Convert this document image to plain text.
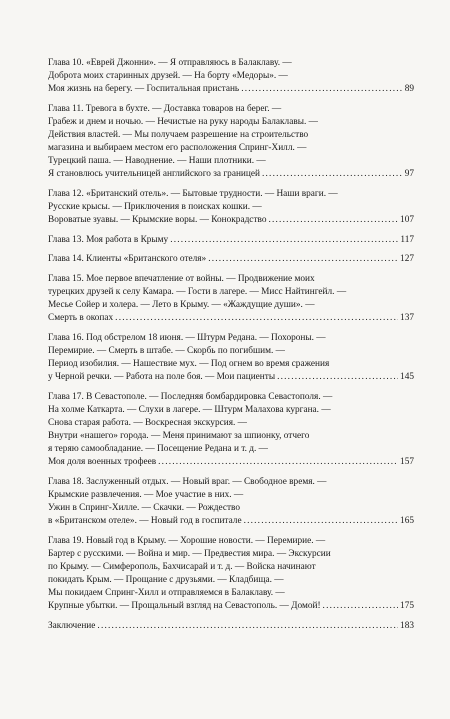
Глава 10. «Еврей Джонни». — Я отправляюсь в Балаклаву. —
Доброта моих старинных друзей. — На борту «Медоры». —
Моя жизнь на берегу. — Госпитальная пристань .....	89
Глава 11. Тревога в бухте. — Доставка товаров на берег. —
Грабеж и днем и ночью. — Нечистые на руку народы Балаклавы. —
Действия властей. — Мы получаем разрешение на строительство
магазина и выбираем местом его расположения Спринг-Хилл. —
Турецкий паша. — Наводнение. — Наши плотники. —
Я становлюсь учительницей английского за границей .....	97
Глава 12. «Британский отель». — Бытовые трудности. — Наши враги. —
Русские крысы. — Приключения в поисках кошки. —
Вороватые зуавы. — Крымские воры. — Конокрадство .....	107
Глава 13. Моя работа в Крыму .....	117
Глава 14. Клиенты «Британского отеля» .....	127
Глава 15. Мое первое впечатление от войны. — Продвижение моих
турецких друзей к селу Камара. — Гости в лагере. — Мисс Найтингейл. —
Месье Сойер и холера. — Лето в Крыму. — «Жаждущие души». —
Смерть в окопах .....	137
Глава 16. Под обстрелом 18 июня. — Штурм Редана. — Похороны. —
Перемирие. — Смерть в штабе. — Скорбь по погибшим. —
Период изобилия. — Нашествие мух. — Под огнем во время сражения
у Черной речки. — Работа на поле боя. — Мои пациенты .....	145
Глава 17. В Севастополе. — Последняя бомбардировка Севастополя. —
На холме Каткарта. — Слухи в лагере. — Штурм Малахова кургана. —
Снова старая работа. — Воскресная экскурсия. —
Внутри «нашего» города. — Меня принимают за шпионку, отчего
я теряю самообладание. — Посещение Редана и т. д. —
Моя доля военных трофеев .....	157
Глава 18. Заслуженный отдых. — Новый враг. — Свободное время. —
Крымские развлечения. — Мое участие в них. —
Ужин в Спринг-Хилле. — Скачки. — Рождество
в «Британском отеле». — Новый год в госпитале .....	165
Глава 19. Новый год в Крыму. — Хорошие новости. — Перемирие. —
Бартер с русскими. — Война и мир. — Предвестия мира. — Экскурсии
по Крыму. — Симферополь, Бахчисарай и т. д. — Войска начинают
покидать Крым. — Прощание с друзьями. — Кладбища. —
Мы покидаем Спринг-Хилл и отправляемся в Балаклаву. —
Крупные убытки. — Прощальный взгляд на Севастополь. — Домой! .....	175
Заключение .....	183
